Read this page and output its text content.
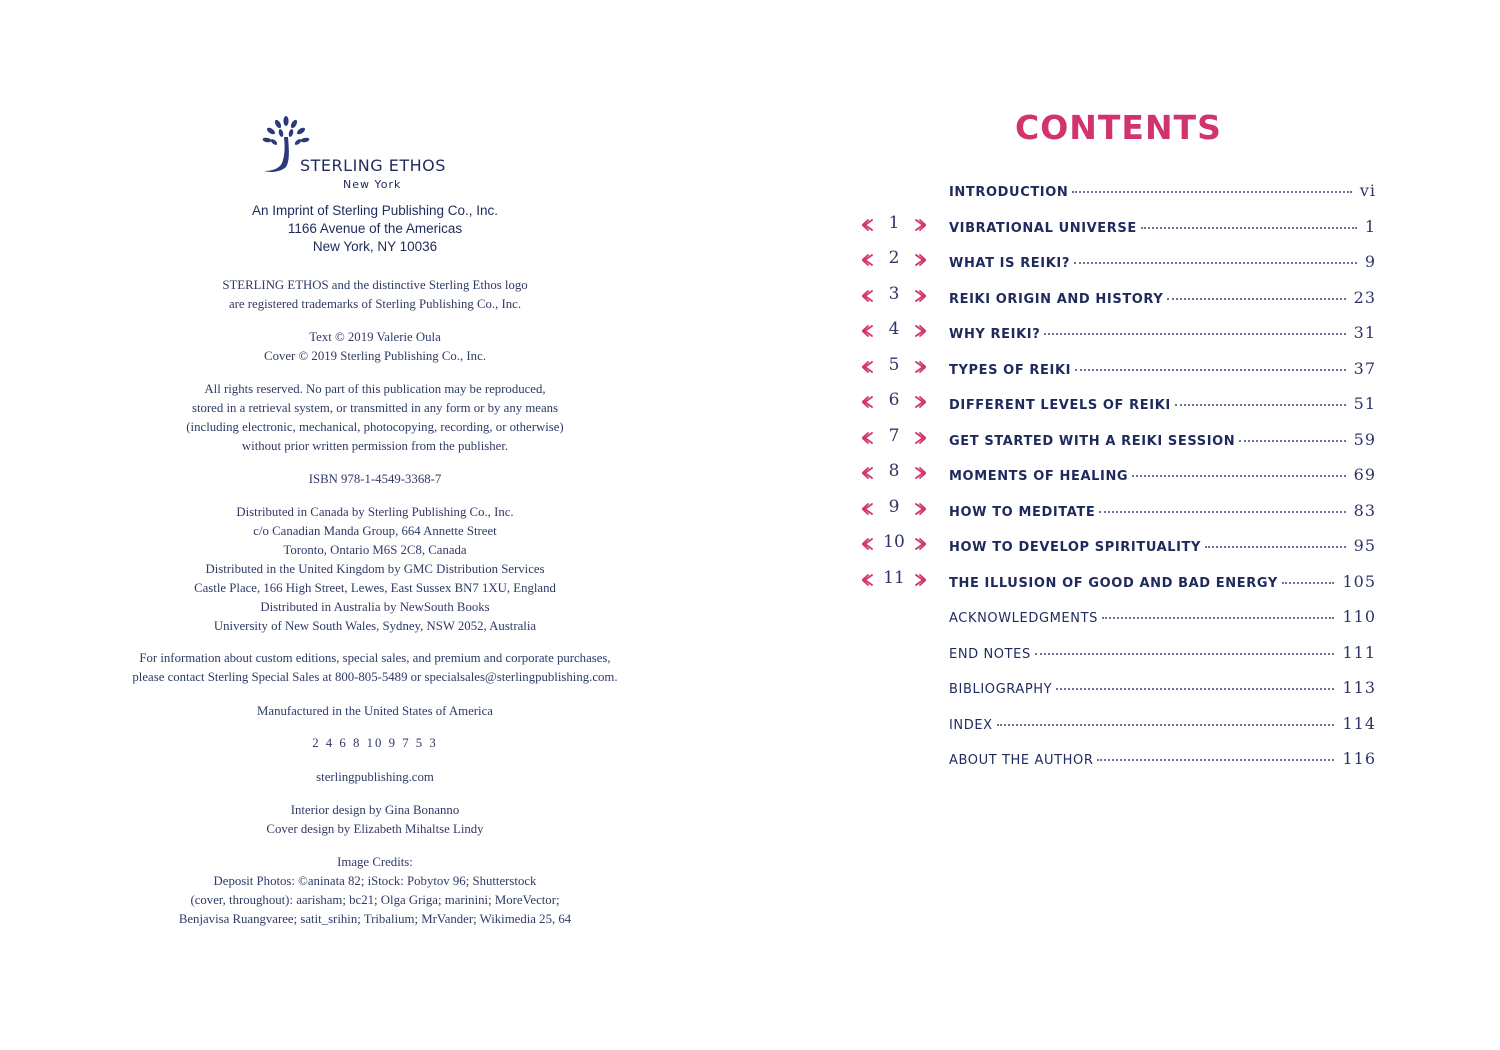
STERLING ETHOS
New York
An Imprint of Sterling Publishing Co., Inc.
1166 Avenue of the Americas
New York, NY 10036
STERLING ETHOS and the distinctive Sterling Ethos logo
are registered trademarks of Sterling Publishing Co., Inc.
Text © 2019 Valerie Oula
Cover © 2019 Sterling Publishing Co., Inc.
All rights reserved. No part of this publication may be reproduced,
stored in a retrieval system, or transmitted in any form or by any means
(including electronic, mechanical, photocopying, recording, or otherwise)
without prior written permission from the publisher.
ISBN 978-1-4549-3368-7
Distributed in Canada by Sterling Publishing Co., Inc.
c/o Canadian Manda Group, 664 Annette Street
Toronto, Ontario M6S 2C8, Canada
Distributed in the United Kingdom by GMC Distribution Services
Castle Place, 166 High Street, Lewes, East Sussex BN7 1XU, England
Distributed in Australia by NewSouth Books
University of New South Wales, Sydney, NSW 2052, Australia
For information about custom editions, special sales, and premium and corporate purchases,
please contact Sterling Special Sales at 800-805-5489 or specialsales@sterlingpublishing.com.
Manufactured in the United States of America
2 4 6 8 10 9 7 5 3
sterlingpublishing.com
Interior design by Gina Bonanno
Cover design by Elizabeth Mihaltse Lindy
Image Credits:
Deposit Photos: ©aninata 82; iStock: Pobytov 96; Shutterstock
(cover, throughout): aarisham; bc21; Olga Griga; marinini; MoreVector;
Benjavisa Ruangvaree; satit_srihin; Tribalium; MrVander; Wikimedia 25, 64
CONTENTS
INTRODUCTION	vi
1	VIBRATIONAL UNIVERSE	1
2	WHAT IS REIKI?	9
3	REIKI ORIGIN AND HISTORY	23
4	WHY REIKI?	31
5	TYPES OF REIKI	37
6	DIFFERENT LEVELS OF REIKI	51
7	GET STARTED WITH A REIKI SESSION	59
8	MOMENTS OF HEALING	69
9	HOW TO MEDITATE	83
10	HOW TO DEVELOP SPIRITUALITY	95
11	THE ILLUSION OF GOOD AND BAD ENERGY	105
ACKNOWLEDGMENTS	110
END NOTES	111
BIBLIOGRAPHY	113
INDEX	114
ABOUT THE AUTHOR	116
